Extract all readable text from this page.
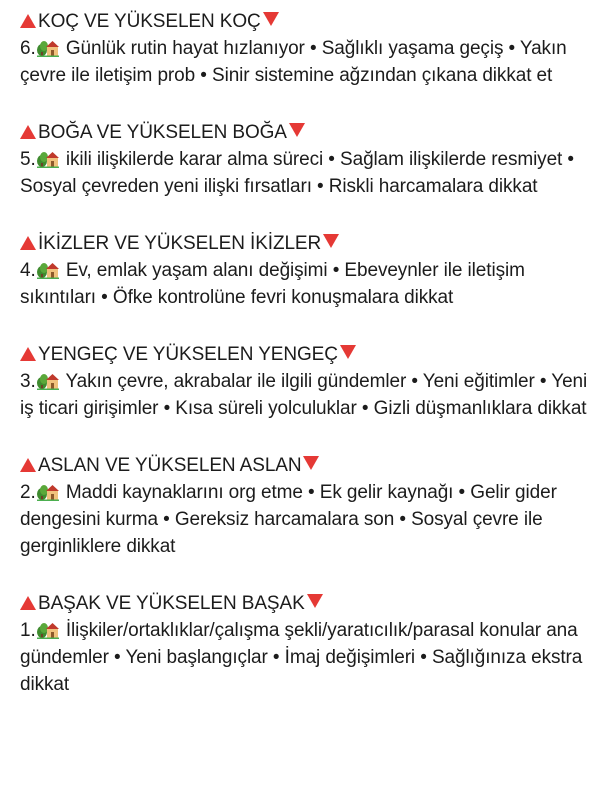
KOÇ VE YÜKSELEN KOÇ
6.
Günlük rutin hayat hızlanıyor • Sağlıklı yaşama geçiş • Yakın çevre ile iletişim prob • Sinir sistemine ağzından çıkana dikkat et
BOĞA VE YÜKSELEN BOĞA
5.
ikili ilişkilerde karar alma süreci • Sağlam ilişkilerde resmiyet • Sosyal çevreden yeni ilişki fırsatları • Riskli harcamalara dikkat
İKİZLER VE YÜKSELEN İKİZLER
4.
Ev, emlak yaşam alanı değişimi • Ebeveynler ile iletişim sıkıntıları • Öfke kontrolüne fevri konuşmalara dikkat
YENGEÇ VE YÜKSELEN YENGEÇ
3.
Yakın çevre, akrabalar ile ilgili gündemler • Yeni eğitimler • Yeni iş ticari girişimler • Kısa süreli yolculuklar • Gizli düşmanlıklara dikkat
ASLAN VE YÜKSELEN ASLAN
2.
Maddi kaynaklarını org etme • Ek gelir kaynağı • Gelir gider dengesini kurma • Gereksiz harcamalara son • Sosyal çevre ile gerginliklere dikkat
BAŞAK VE YÜKSELEN BAŞAK
1.
İlişkiler/ortaklıklar/çalışma şekli/yaratıcılık/parasal konular ana gündemler • Yeni başlangıçlar • İmaj değişimleri • Sağlığınıza ekstra dikkat
